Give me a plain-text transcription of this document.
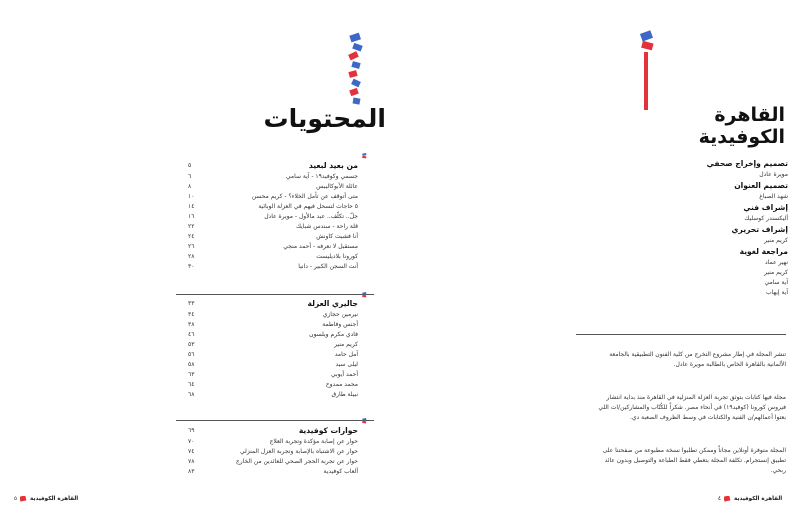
المحتويات
من بعيد لبعيد
٥
جسمي وكوفيد١٩ - آية سامي
٦
عائلة الأبوكاليبس
٨
متى أتوقف عن تأمل الخلاء؟ - كريم محسن
١٠
٥ حاجات لتسحل فيهم في العزلة الوبائية
١٤
جلّ.. تكلّف.. عبد مالأول - مويرة عادل
١٦
قلة راحة - سندس شبايك
٢٢
أنا فشيت كاونش
٢٤
مستقبل لا نعرفه - أحمد منجي
٢٦
كورونا بلاديليست
٢٨
أنت السجن الكبير - دانيا
٣٠
جاليري العزلة
٣٣
نيرمين حجازي
٣٤
أجنس وفاطمة
٣٨
فادي مكرم ويلسون
٤٦
كريم منير
٥٣
آمل حامد
٥٦
ليلى سيد
٥٨
أحمد أيوبي
٦٣
محمد ممدوح
٦٤
نبيلة طارق
٦٨
حوارات كوفيدية
٦٩
حوار عن إصابة مؤكدة وتجربة العلاج
٧٠
حوار عن الاشتباه بالإصابة وتجربة العزل المنزلي
٧٤
حوار عن تجربة الحجر الصحي للعائدين من الخارج
٧٨
ألعاب كوفيدية
٨٣
القاهرة الكوفيدية
٥
القاهرة الكوفيدية
تصميم وإخراج صحفي
مويرة عادل
تصميم العنوان
شهد الصباغ
إشراف فني
أليكسندر كوسليك
إشراف تحريري
كريم منير
مراجعة لغوية
نهير عماد
كريم منير
آية سامي
آية إيهاب
تنشر المجلة في إطار مشروع التخرج من كلية الفنون التطبيقية بالجامعة الألمانية بالقاهرة الخاص بالطالبة مويرة عادل.
مجلة فيها كتابات بتوثق تجربة العزلة المنزلية في القاهرة منذ بداية انتشار فيروس كورونا (كوفيد١٩) في أنحاء مصر. شكراً للكُتّاب والمشاركين/ات اللي بعتوا أعمالهم/ن الفنية والكتابات في وسط الظروف الصعبة دي.
المجلة متوفرة أونلاين مجاناً وممكن تطلبوا نسخة مطبوعة من صفحتنا على تطبيق إنستجرام. تكلفة المجلة بتغطي فقط الطباعة والتوصيل وبدون عائد ربحي.
القاهرة الكوفيدية
٤
